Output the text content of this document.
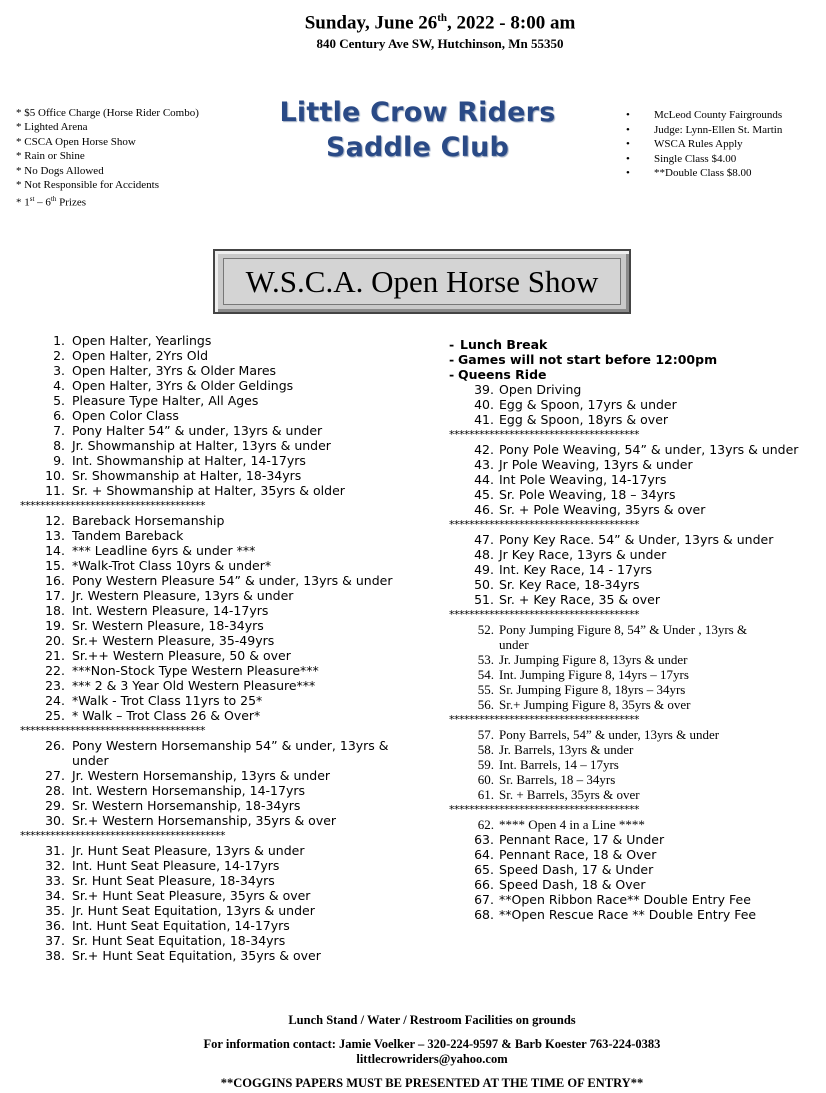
Sunday, June 26th, 2022 - 8:00 am
840 Century Ave SW, Hutchinson, Mn 55350
Little Crow Riders
Saddle Club
* $5 Office Charge (Horse Rider Combo)
* Lighted Arena
* CSCA Open Horse Show
* Rain or Shine
* No Dogs Allowed
* Not Responsible for Accidents
* 1st – 6th Prizes
• McLeod County Fairgrounds
• Judge: Lynn-Ellen St. Martin
• WSCA Rules Apply
• Single Class $4.00
• **Double Class $8.00
W.S.C.A. Open Horse Show
1. Open Halter, Yearlings
2. Open Halter, 2Yrs Old
3. Open Halter, 3Yrs & Older Mares
4. Open Halter, 3Yrs & Older Geldings
5. Pleasure Type Halter, All Ages
6. Open Color Class
7. Pony Halter 54” & under, 13yrs & under
8. Jr. Showmanship at Halter, 13yrs & under
9. Int. Showmanship at Halter, 14-17yrs
10. Sr. Showmanship at Halter, 18-34yrs
11. Sr. + Showmanship at Halter, 35yrs & older
*************************************
12. Bareback Horsemanship
13. Tandem Bareback
14. *** Leadline 6yrs & under ***
15. *Walk-Trot Class 10yrs & under*
16. Pony Western Pleasure 54” & under, 13yrs & under
17. Jr. Western Pleasure, 13yrs & under
18. Int. Western Pleasure, 14-17yrs
19. Sr. Western Pleasure, 18-34yrs
20. Sr.+ Western Pleasure, 35-49yrs
21. Sr.++ Western Pleasure, 50 & over
22. ***Non-Stock Type Western Pleasure***
23. *** 2 & 3 Year Old Western Pleasure***
24. *Walk - Trot Class 11yrs to 25*
25. * Walk – Trot Class 26 & Over*
*************************************
26. Pony Western Horsemanship 54” & under, 13yrs &
under
27. Jr. Western Horsemanship, 13yrs & under
28. Int. Western Horsemanship, 14-17yrs
29. Sr. Western Horsemanship, 18-34yrs
30. Sr.+ Western Horsemanship, 35yrs & over
*****************************************
31. Jr. Hunt Seat Pleasure, 13yrs & under
32. Int. Hunt Seat Pleasure, 14-17yrs
33. Sr. Hunt Seat Pleasure, 18-34yrs
34. Sr.+ Hunt Seat Pleasure, 35yrs & over
35. Jr. Hunt Seat Equitation, 13yrs & under
36. Int. Hunt Seat Equitation, 14-17yrs
37. Sr. Hunt Seat Equitation, 18-34yrs
38. Sr.+ Hunt Seat Equitation, 35yrs & over
- Lunch Break
- Games will not start before 12:00pm
- Queens Ride
39. Open Driving
40. Egg & Spoon, 17yrs & under
41. Egg & Spoon, 18yrs & over
**************************************
42. Pony Pole Weaving, 54” & under, 13yrs & under
43. Jr Pole Weaving, 13yrs & under
44. Int Pole Weaving, 14-17yrs
45. Sr. Pole Weaving, 18 – 34yrs
46. Sr. + Pole Weaving, 35yrs & over
**************************************
47. Pony Key Race. 54” & Under, 13yrs & under
48. Jr Key Race, 13yrs & under
49. Int. Key Race, 14 - 17yrs
50. Sr. Key Race, 18-34yrs
51. Sr. + Key Race, 35 & over
**************************************
52. Pony Jumping Figure 8, 54” & Under , 13yrs &
under
53. Jr. Jumping Figure 8, 13yrs & under
54. Int. Jumping Figure 8, 14yrs – 17yrs
55. Sr. Jumping Figure 8, 18yrs – 34yrs
56. Sr.+ Jumping Figure 8, 35yrs & over
**************************************
57. Pony Barrels, 54” & under, 13yrs & under
58. Jr. Barrels, 13yrs & under
59. Int. Barrels, 14 – 17yrs
60. Sr. Barrels, 18 – 34yrs
61. Sr. + Barrels, 35yrs & over
**************************************
62. **** Open 4 in a Line ****
63. Pennant Race, 17 & Under
64. Pennant Race, 18 & Over
65. Speed Dash, 17 & Under
66. Speed Dash, 18 & Over
67. **Open Ribbon Race** Double Entry Fee
68. **Open Rescue Race ** Double Entry Fee
Lunch Stand / Water / Restroom Facilities on grounds
For information contact: Jamie Voelker – 320-224-9597 & Barb Koester 763-224-0383
littlecrowriders@yahoo.com
**COGGINS PAPERS MUST BE PRESENTED AT THE TIME OF ENTRY**
